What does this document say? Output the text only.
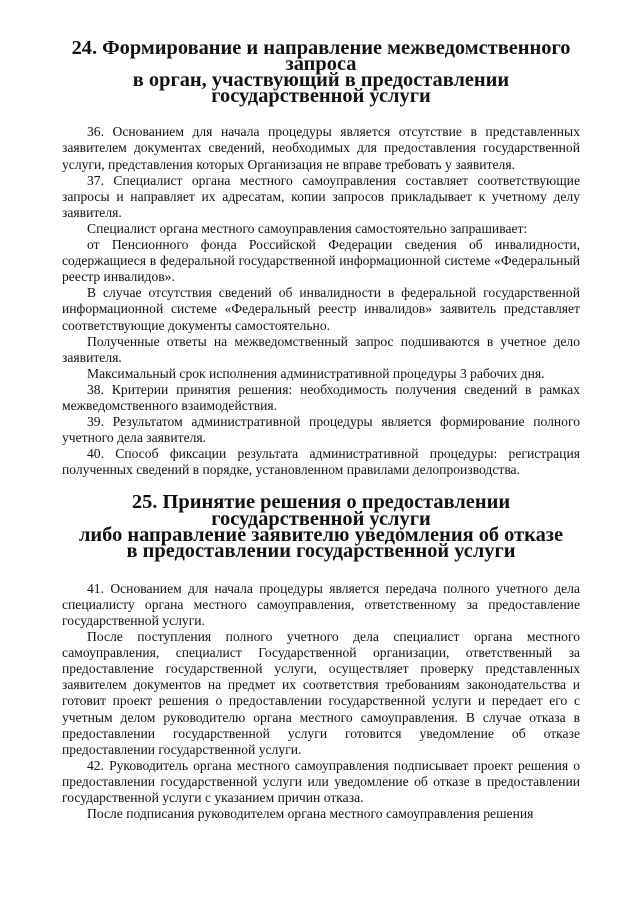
24. Формирование и направление межведомственного запроса
в орган, участвующий в предоставлении государственной услуги

36. Основанием для начала процедуры является отсутствие в представленных заявителем документах сведений, необходимых для предоставления государственной услуги, представления которых Организация не вправе требовать у заявителя.

37. Специалист органа местного самоуправления составляет соответствующие запросы и направляет их адресатам, копии запросов прикладывает к учетному делу заявителя.

Специалист органа местного самоуправления самостоятельно запрашивает:

от Пенсионного фонда Российской Федерации сведения об инвалидности, содержащиеся в федеральной государственной информационной системе «Федеральный реестр инвалидов».

В случае отсутствия сведений об инвалидности в федеральной государственной информационной системе «Федеральный реестр инвалидов» заявитель представляет соответствующие документы самостоятельно.

Полученные ответы на межведомственный запрос подшиваются в учетное дело заявителя.

Максимальный срок исполнения административной процедуры 3 рабочих дня.

38. Критерии принятия решения: необходимость получения сведений в рамках межведомственного взаимодействия.

39. Результатом административной процедуры является формирование полного учетного дела заявителя.

40. Способ фиксации результата административной процедуры: регистрация полученных сведений в порядке, установленном правилами делопроизводства.

25. Принятие решения о предоставлении государственной услуги
либо направление заявителю уведомления об отказе
в предоставлении государственной услуги

41. Основанием для начала процедуры является передача полного учетного дела специалисту органа местного самоуправления, ответственному за предоставление государственной услуги.

После поступления полного учетного дела специалист органа местного самоуправления, специалист Государственной организации, ответственный за предоставление государственной услуги, осуществляет проверку представленных заявителем документов на предмет их соответствия требованиям законодательства и готовит проект решения о предоставлении государственной услуги и передает его с учетным делом руководителю органа местного самоуправления. В случае отказа в предоставлении государственной услуги готовится уведомление об отказе предоставлении государственной услуги.

42. Руководитель органа местного самоуправления подписывает проект решения о предоставлении государственной услуги или уведомление об отказе в предоставлении государственной услуги с указанием причин отказа.

После подписания руководителем органа местного самоуправления решения
